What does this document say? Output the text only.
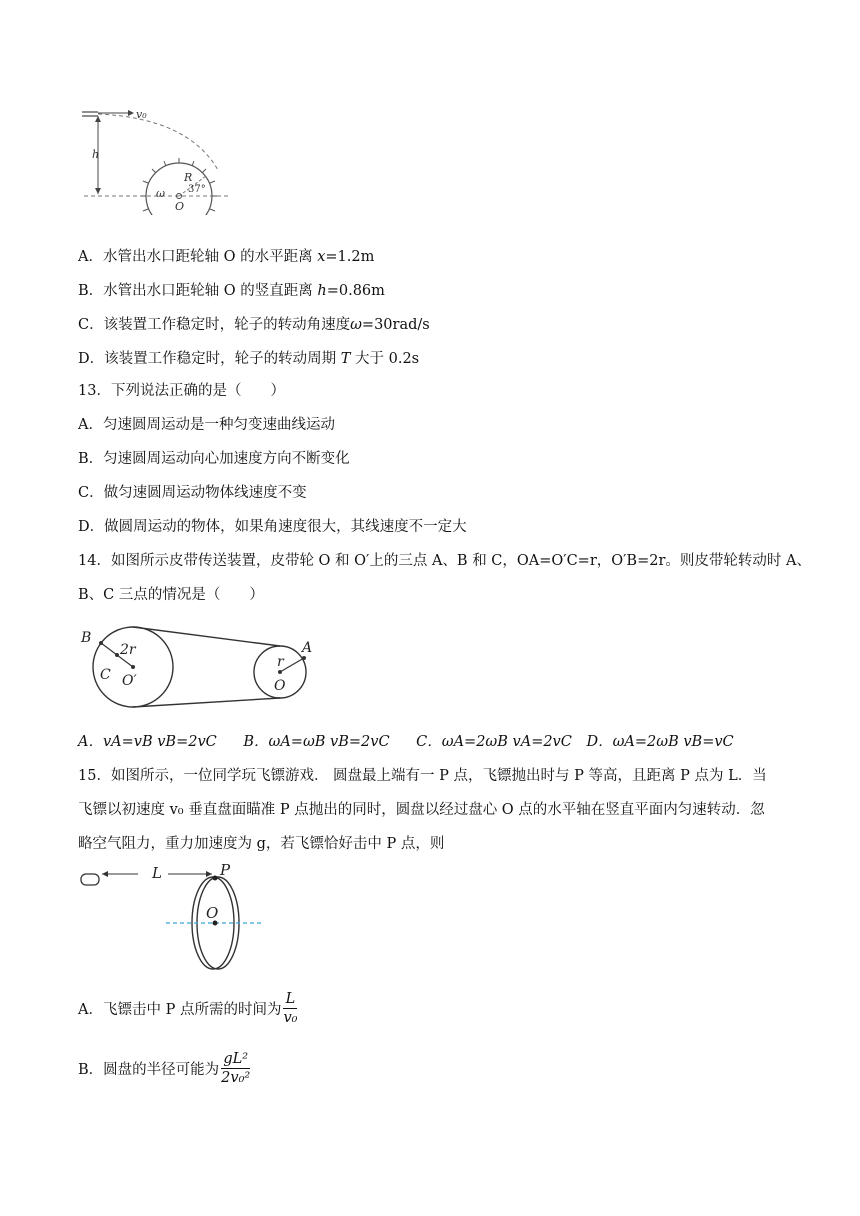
v₀
h
ω
R
37°
O
A．水管出水口距轮轴 O 的水平距离 x=1.2m
B．水管出水口距轮轴 O 的竖直距离 h=0.86m
C．该装置工作稳定时，轮子的转动角速度ω=30rad/s
D．该装置工作稳定时，轮子的转动周期 T 大于 0.2s
13．下列说法正确的是（　　）
A．匀速圆周运动是一种匀变速曲线运动
B．匀速圆周运动向心加速度方向不断变化
C．做匀速圆周运动物体线速度不变
D．做圆周运动的物体，如果角速度很大，其线速度不一定大
14．如图所示皮带传送装置，皮带轮 O 和 O′上的三点 A、B 和 C，OA=O′C=r，O′B=2r。则皮带轮转动时 A、
B、C 三点的情况是（　　）
B
2r
C O′
r
A
O
A．vA=vB vB=2vC B．ωA=ωB vB=2vC C．ωA=2ωB vA=2vC D．ωA=2ωB vB=vC
15．如图所示，一位同学玩飞镖游戏． 圆盘最上端有一 P 点，飞镖抛出时与 P 等高，且距离 P 点为 L．当
飞镖以初速度 v₀ 垂直盘面瞄准 P 点抛出的同时，圆盘以经过盘心 O 点的水平轴在竖直平面内匀速转动．忽
略空气阻力，重力加速度为 g，若飞镖恰好击中 P 点，则
L	P
O
A．飞镖击中 P 点所需的时间为 $\frac{L}{\text{v₀}}$
B．圆盘的半径可能为 $\frac{\text{gL²}}{\text{2v₀²}}$
